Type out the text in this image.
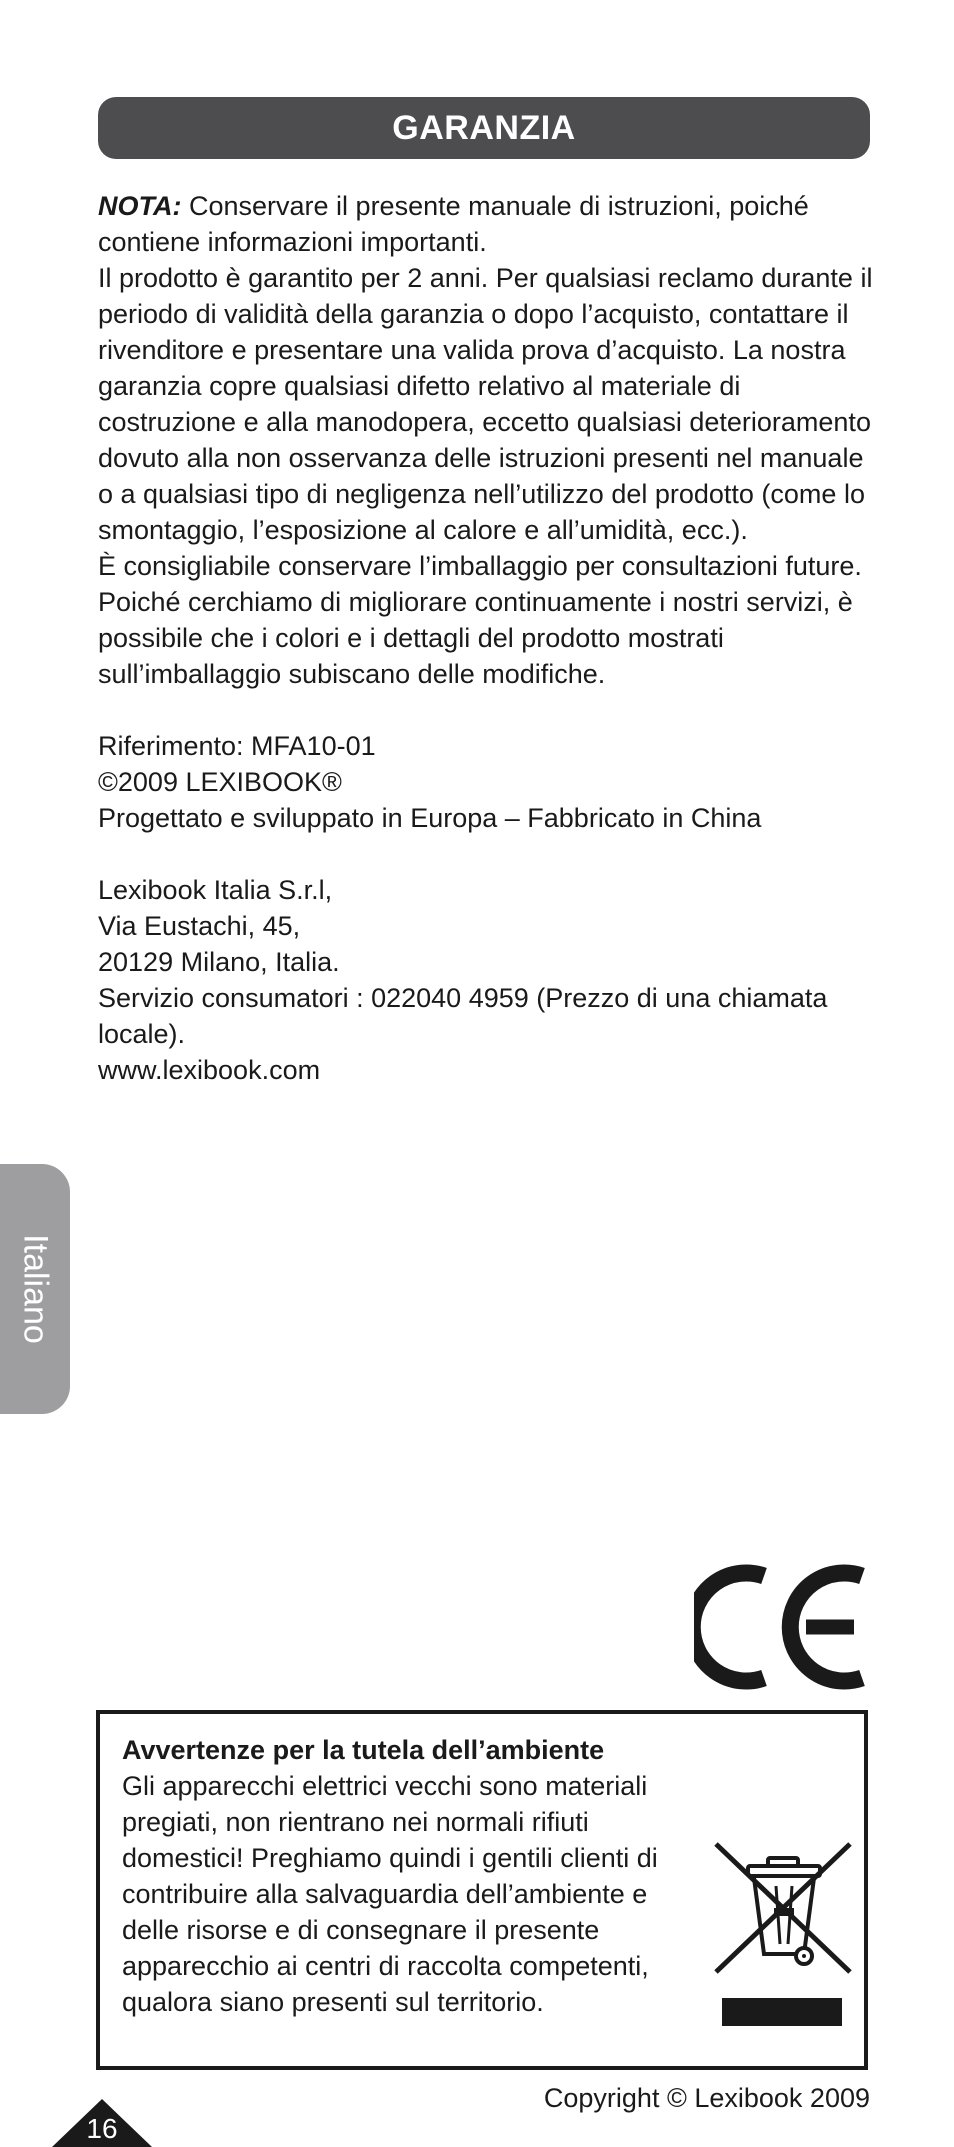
GARANZIA

NOTA: Conservare il presente manuale di istruzioni, poiché contiene informazioni importanti.

Il prodotto è garantito per 2 anni. Per qualsiasi reclamo durante il periodo di validità della garanzia o dopo l’acquisto, contattare il rivenditore e presentare una valida prova d’acquisto. La nostra garanzia copre qualsiasi difetto relativo al materiale di costruzione e alla manodopera, eccetto qualsiasi deterioramento dovuto alla non osservanza delle istruzioni presenti nel manuale o a qualsiasi tipo di negligenza nell’utilizzo del prodotto (come lo smontaggio, l’esposizione al calore e all’umidità, ecc.).

È consigliabile conservare l’imballaggio per consultazioni future.

Poiché cerchiamo di migliorare continuamente i nostri servizi, è possibile che i colori e i dettagli del prodotto mostrati sull’imballaggio subiscano delle modifiche.

Riferimento: MFA10-01

©2009 LEXIBOOK®

Progettato e sviluppato in Europa – Fabbricato in China

Lexibook Italia S.r.l,

Via Eustachi, 45,

20129 Milano, Italia.

Servizio consumatori : 022040 4959 (Prezzo di una chiamata locale).

www.lexibook.com

Italiano
Avvertenze per la tutela dell’ambiente

Gli apparecchi elettrici vecchi sono materiali pregiati, non rientrano nei normali rifiuti domestici! Preghiamo quindi i gentili clienti di contribuire alla salvaguardia dell’ambiente e delle risorse e di consegnare il presente apparecchio ai centri di raccolta competenti, qualora siano presenti sul territorio.

16
Copyright © Lexibook 2009
